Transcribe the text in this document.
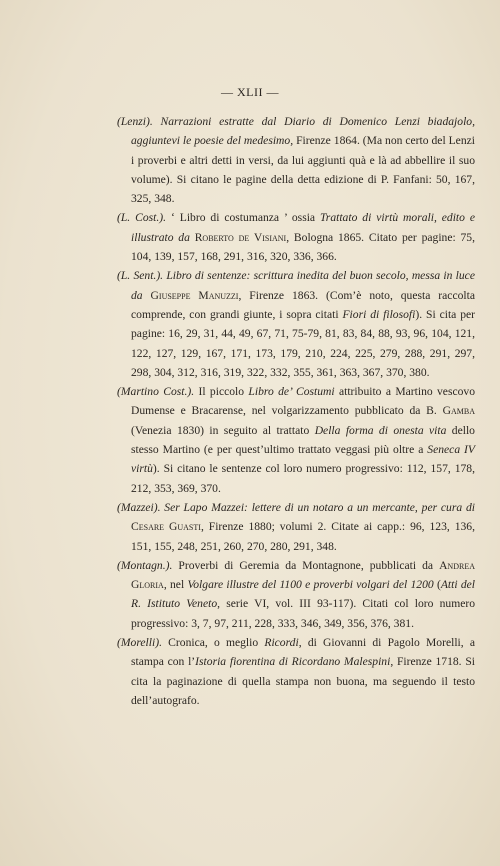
— XLII —
(Lenzi). Narrazioni estratte dal Diario di Domenico Lenzi biadajolo, aggiuntevi le poesie del medesimo, Firenze 1864. (Ma non certo del Lenzi i proverbi e altri detti in versi, da lui aggiunti quà e là ad abbellire il suo volume). Si citano le pagine della detta edizione di P. Fanfani: 50, 167, 325, 348.
(L. Cost.). ‘ Libro di costumanza ’ ossia Trattato di virtù morali, edito e illustrato da Roberto de Visiani, Bologna 1865. Citato per pagine: 75, 104, 139, 157, 168, 291, 316, 320, 336, 366.
(L. Sent.). Libro di sentenze: scrittura inedita del buon secolo, messa in luce da Giuseppe Manuzzi, Firenze 1863. (Com’è noto, questa raccolta comprende, con grandi giunte, i sopra citati Fiori di filosofi). Si cita per pagine: 16, 29, 31, 44, 49, 67, 71, 75-79, 81, 83, 84, 88, 93, 96, 104, 121, 122, 127, 129, 167, 171, 173, 179, 210, 224, 225, 279, 288, 291, 297, 298, 304, 312, 316, 319, 322, 332, 355, 361, 363, 367, 370, 380.
(Martino Cost.). Il piccolo Libro de’ Costumi attribuito a Martino vescovo Dumense e Bracarense, nel volgarizzamento pubblicato da B. Gamba (Venezia 1830) in seguito al trattato Della forma di onesta vita dello stesso Martino (e per quest’ultimo trattato veggasi più oltre a Seneca IV virtù). Si citano le sentenze col loro numero progressivo: 112, 157, 178, 212, 353, 369, 370.
(Mazzei). Ser Lapo Mazzei: lettere di un notaro a un mercante, per cura di Cesare Guasti, Firenze 1880; volumi 2. Citate ai capp.: 96, 123, 136, 151, 155, 248, 251, 260, 270, 280, 291, 348.
(Montagn.). Proverbi di Geremia da Montagnone, pubblicati da Andrea Gloria, nel Volgare illustre del 1100 e proverbi volgari del 1200 (Atti del R. Istituto Veneto, serie VI, vol. III 93-117). Citati col loro numero progressivo: 3, 7, 97, 211, 228, 333, 346, 349, 356, 376, 381.
(Morelli). Cronica, o meglio Ricordi, di Giovanni di Pagolo Morelli, a stampa con l’Istoria fiorentina di Ricordano Malespini, Firenze 1718. Si cita la paginazione di quella stampa non buona, ma seguendo il testo dell’autografo.
